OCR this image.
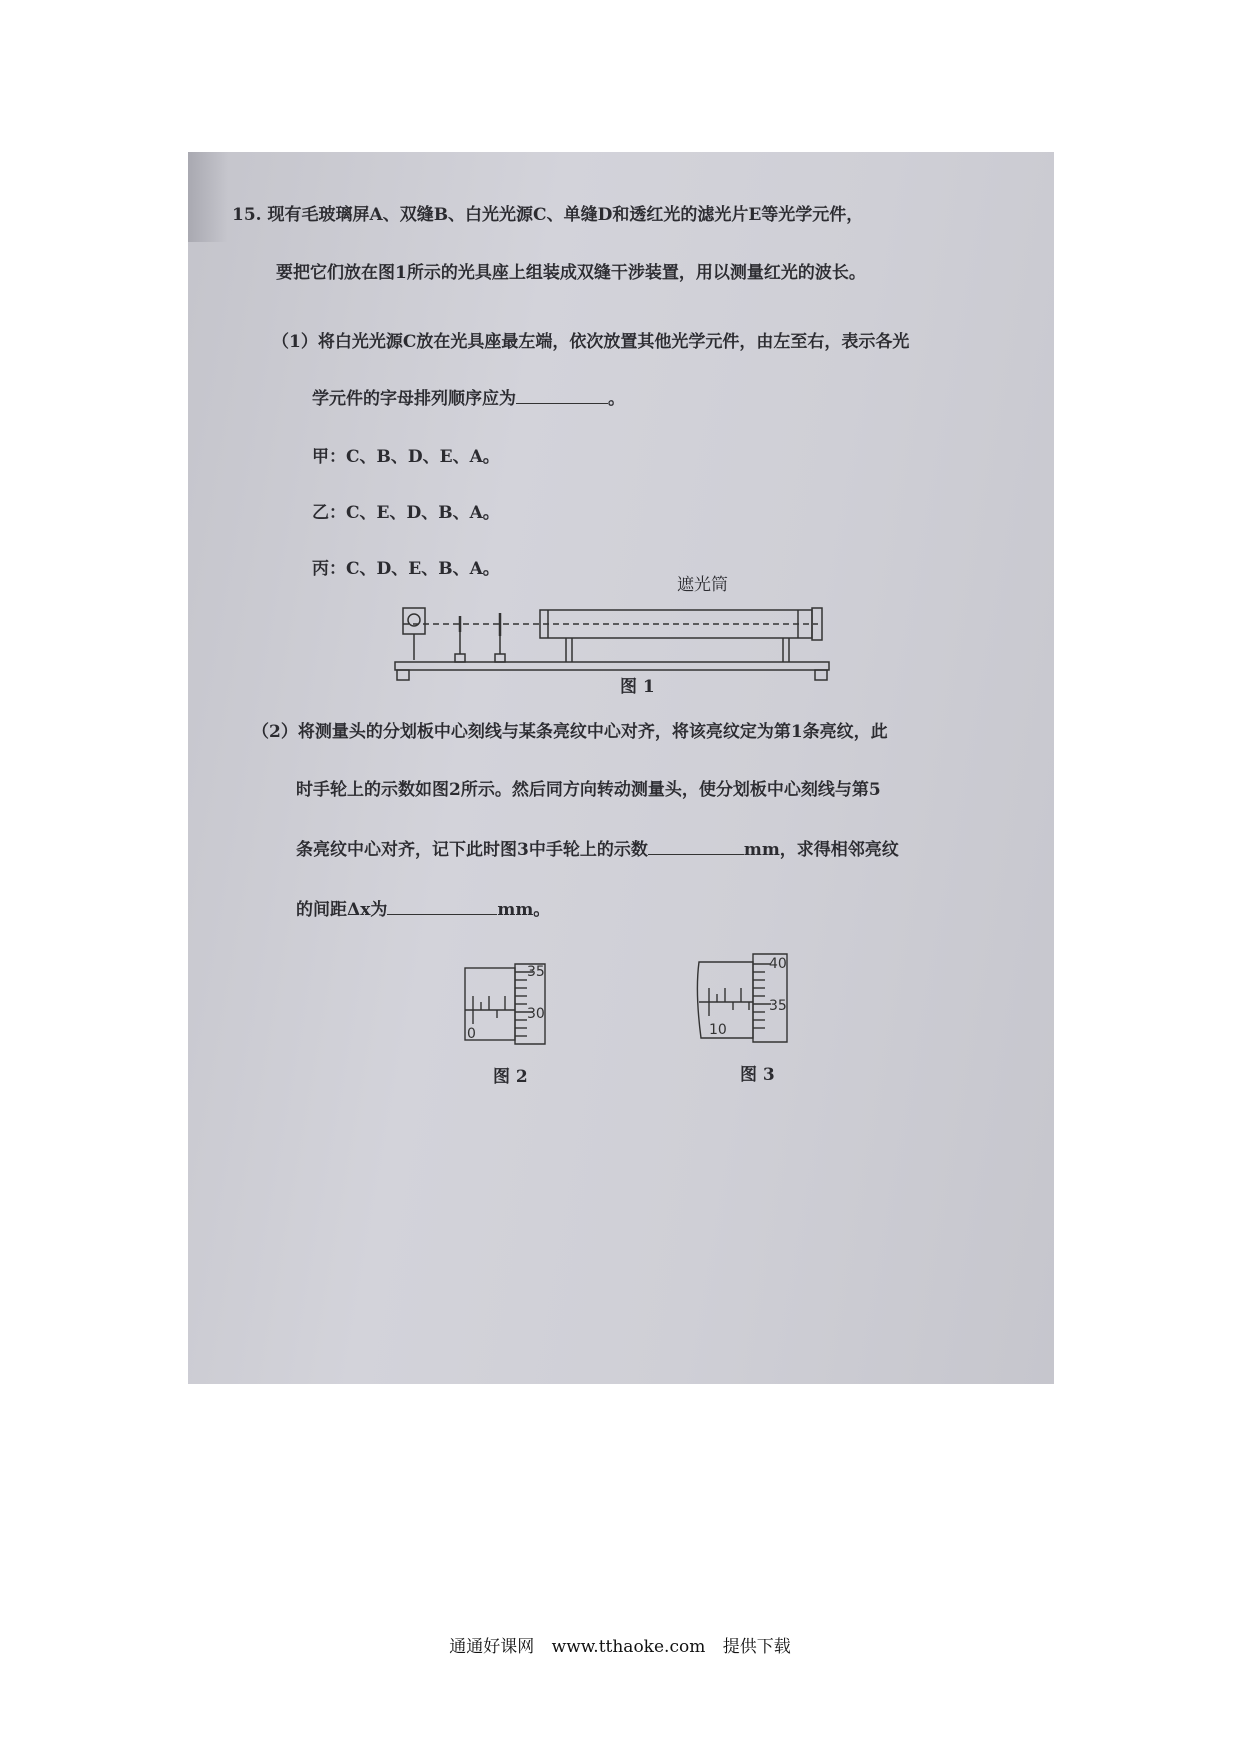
15. 现有毛玻璃屏A、双缝B、白光光源C、单缝D和透红光的滤光片E等光学元件，
要把它们放在图1所示的光具座上组装成双缝干涉装置，用以测量红光的波长。
（1）将白光光源C放在光具座最左端，依次放置其他光学元件，由左至右，表示各光
学元件的字母排列顺序应为	。
甲：C、B、D、E、A。
乙：C、E、D、B、A。
丙：C、D、E、B、A。
遮光筒
图 1
（2）将测量头的分划板中心刻线与某条亮纹中心对齐，将该亮纹定为第1条亮纹，此
时手轮上的示数如图2所示。然后同方向转动测量头，使分划板中心刻线与第5
条亮纹中心对齐，记下此时图3中手轮上的示数	mm，求得相邻亮纹
的间距Δx为	mm。
0
35
30
图 2
10
40
35
图 3
通通好课网 www.tthaoke.com 提供下载
